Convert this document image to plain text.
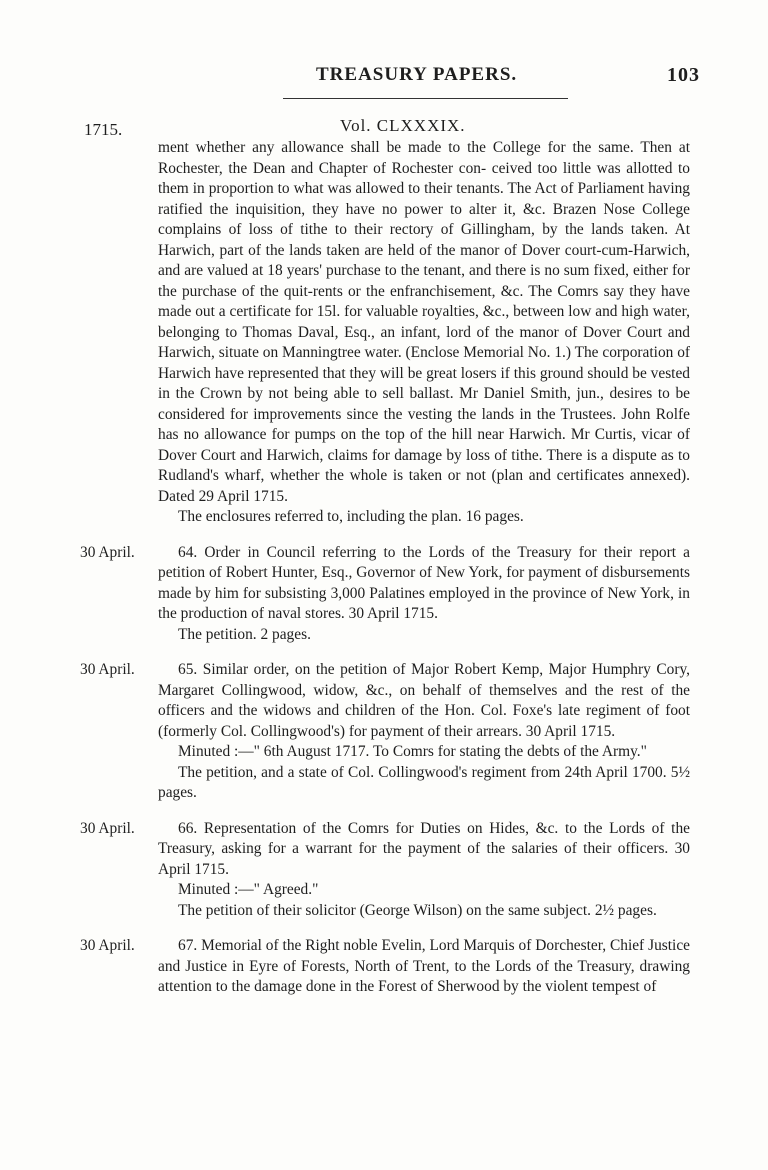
TREASURY PAPERS.	103
1715.	Vol. CLXXXIX.

ment whether any allowance shall be made to the College for the same. Then at Rochester, the Dean and Chapter of Rochester con- ceived too little was allotted to them in proportion to what was allowed to their tenants. The Act of Parliament having ratified the inquisition, they have no power to alter it, &c. Brazen Nose College complains of loss of tithe to their rectory of Gillingham, by the lands taken. At Harwich, part of the lands taken are held of the manor of Dover court-cum-Harwich, and are valued at 18 years' purchase to the tenant, and there is no sum fixed, either for the purchase of the quit-rents or the enfranchisement, &c. The Comrs say they have made out a certificate for 15l. for valuable royalties, &c., between low and high water, belonging to Thomas Daval, Esq., an infant, lord of the manor of Dover Court and Harwich, situate on Manningtree water. (Enclose Memorial No. 1.) The corporation of Harwich have represented that they will be great losers if this ground should be vested in the Crown by not being able to sell ballast. Mr Daniel Smith, jun., desires to be considered for improvements since the vesting the lands in the Trustees. John Rolfe has no allowance for pumps on the top of the hill near Harwich. Mr Curtis, vicar of Dover Court and Harwich, claims for damage by loss of tithe. There is a dispute as to Rudland's wharf, whether the whole is taken or not (plan and certificates annexed). Dated 29 April 1715.

The enclosures referred to, including the plan. 16 pages.

30 April.	64. Order in Council referring to the Lords of the Treasury for their report a petition of Robert Hunter, Esq., Governor of New York, for payment of disbursements made by him for subsisting 3,000 Palatines employed in the province of New York, in the production of naval stores. 30 April 1715.

The petition. 2 pages.

30 April.	65. Similar order, on the petition of Major Robert Kemp, Major Humphry Cory, Margaret Collingwood, widow, &c., on behalf of themselves and the rest of the officers and the widows and children of the Hon. Col. Foxe's late regiment of foot (formerly Col. Collingwood's) for payment of their arrears. 30 April 1715.

Minuted :—" 6th August 1717. To Comrs for stating the debts of the Army."

The petition, and a state of Col. Collingwood's regiment from 24th April 1700. 5½ pages.

30 April.	66. Representation of the Comrs for Duties on Hides, &c. to the Lords of the Treasury, asking for a warrant for the payment of the salaries of their officers. 30 April 1715.

Minuted :—" Agreed."

The petition of their solicitor (George Wilson) on the same subject. 2½ pages.

30 April.	67. Memorial of the Right noble Evelin, Lord Marquis of Dorchester, Chief Justice and Justice in Eyre of Forests, North of Trent, to the Lords of the Treasury, drawing attention to the damage done in the Forest of Sherwood by the violent tempest of
